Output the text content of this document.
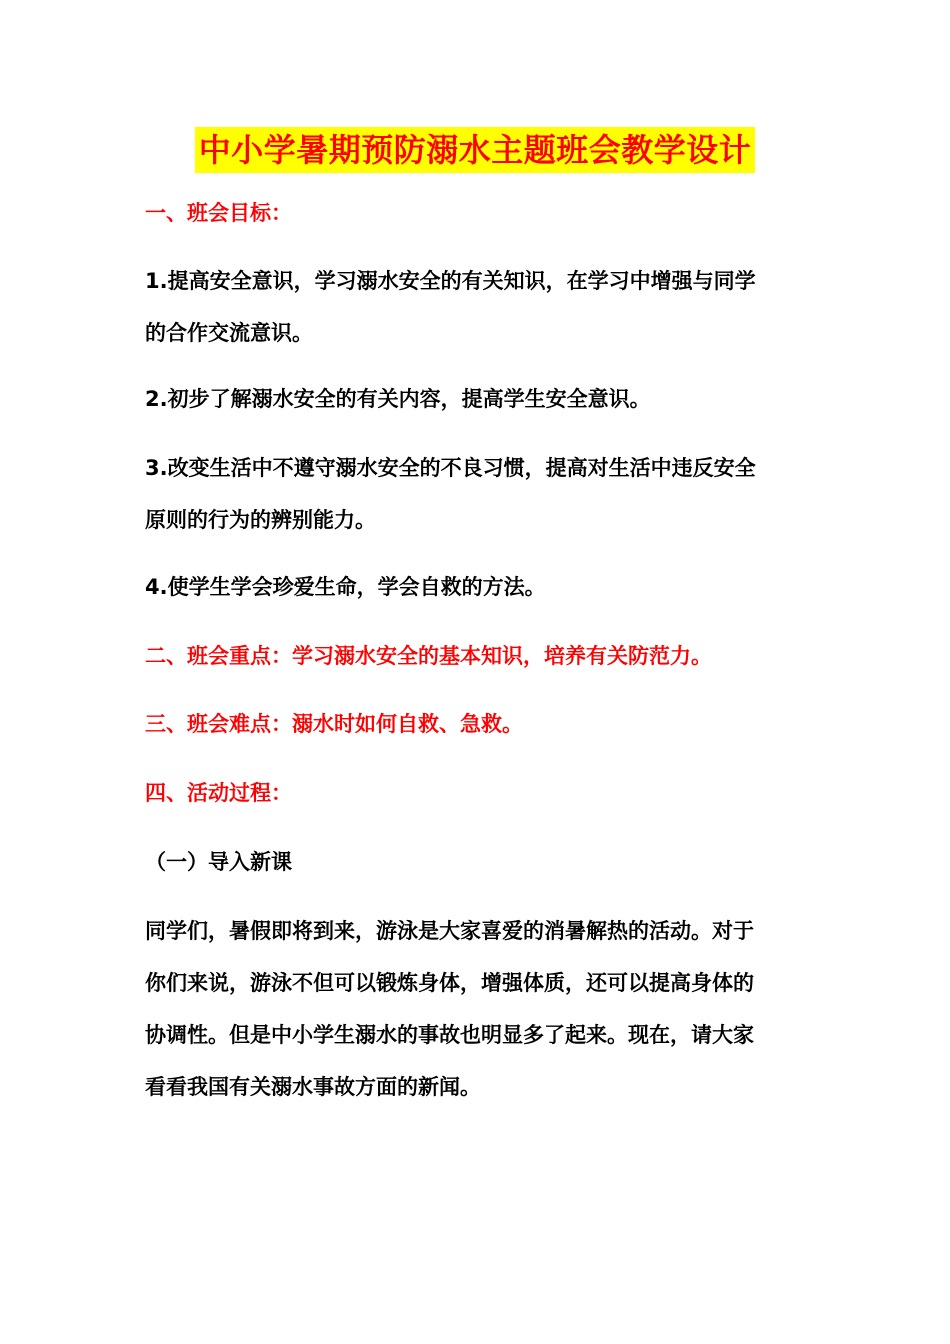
中小学暑期预防溺水主题班会教学设计
一、班会目标：
1.提高安全意识，学习溺水安全的有关知识，在学习中增强与同学
的合作交流意识。
2.初步了解溺水安全的有关内容，提高学生安全意识。
3.改变生活中不遵守溺水安全的不良习惯，提高对生活中违反安全
原则的行为的辨别能力。
4.使学生学会珍爱生命，学会自救的方法。
二、班会重点：学习溺水安全的基本知识，培养有关防范力。
三、班会难点：溺水时如何自救、急救。
四、活动过程：
（一）导入新课
同学们，暑假即将到来，游泳是大家喜爱的消暑解热的活动。对于
你们来说，游泳不但可以锻炼身体，增强体质，还可以提高身体的
协调性。但是中小学生溺水的事故也明显多了起来。现在，请大家
看看我国有关溺水事故方面的新闻。
